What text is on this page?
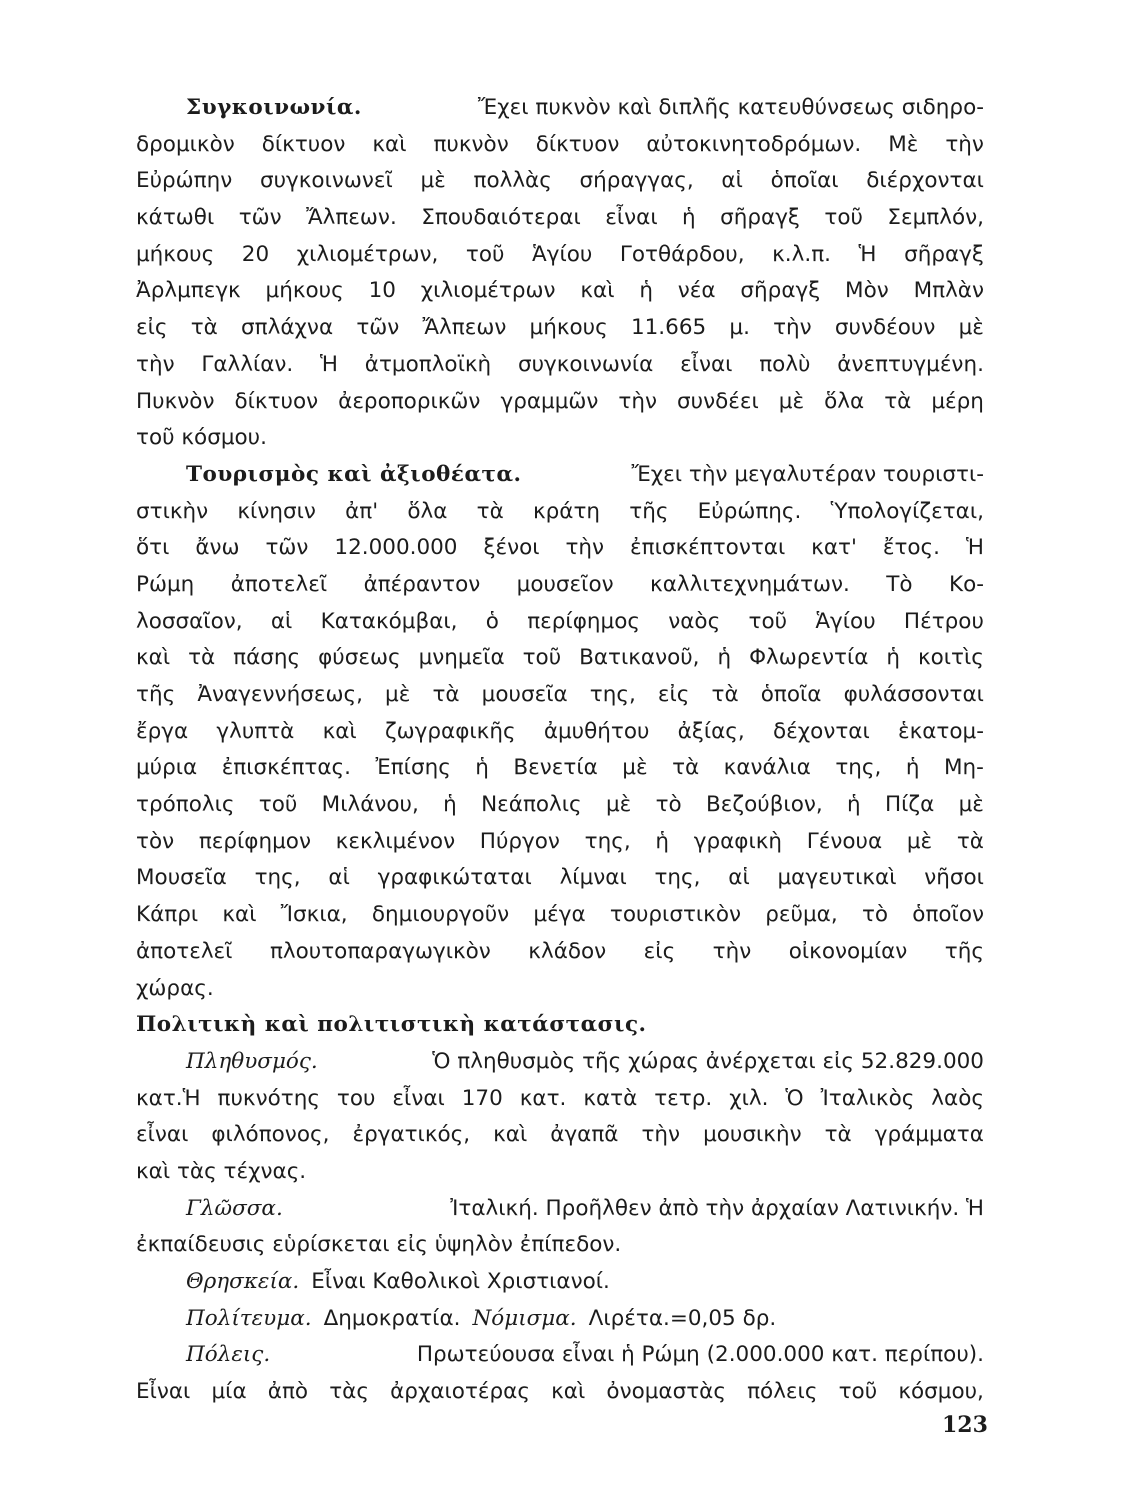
Συγκοινωνία.	Ἔχει πυκνὸν καὶ διπλῆς κατευθύνσεως σιδηρο-
δρομικὸν δίκτυον καὶ πυκνὸν δίκτυον αὐτοκινητοδρόμων. Μὲ τὴν
Εὐρώπην συγκοινωνεῖ μὲ πολλὰς σήραγγας, αἱ ὁποῖαι διέρχονται
κάτωθι τῶν Ἄλπεων. Σπουδαιότεραι εἶναι ἡ σῆραγξ τοῦ Σεμπλόν,
μήκους 20 χιλιομέτρων, τοῦ Ἁγίου Γοτθάρδου, κ.λ.π. Ἡ σῆραγξ
Ἀρλμπεγκ μήκους 10 χιλιομέτρων καὶ ἡ νέα σῆραγξ Μὸν Μπλὰν
εἰς τὰ σπλάχνα τῶν Ἄλπεων μήκους 11.665 μ. τὴν συνδέουν μὲ
τὴν Γαλλίαν. Ἡ ἀτμοπλοϊκὴ συγκοινωνία εἶναι πολὺ ἀνεπτυγμένη.
Πυκνὸν δίκτυον ἀεροπορικῶν γραμμῶν τὴν συνδέει μὲ ὅλα τὰ μέρη
τοῦ κόσμου.
Τουρισμὸς καὶ ἀξιοθέατα.	Ἔχει τὴν μεγαλυτέραν τουριστι-
στικὴν κίνησιν ἀπ' ὅλα τὰ κράτη τῆς Εὐρώπης. Ὑπολογίζεται,
ὅτι ἄνω τῶν 12.000.000 ξένοι τὴν ἐπισκέπτονται κατ' ἔτος. Ἡ
Ρώμη ἀποτελεῖ ἀπέραντον μουσεῖον καλλιτεχνημάτων. Τὸ Κο-
λοσσαῖον, αἱ Κατακόμβαι, ὁ περίφημος ναὸς τοῦ Ἁγίου Πέτρου
καὶ τὰ πάσης φύσεως μνημεῖα τοῦ Βατικανοῦ, ἡ Φλωρεντία ἡ κοιτὶς
τῆς Ἀναγεννήσεως, μὲ τὰ μουσεῖα της, εἰς τὰ ὁποῖα φυλάσσονται
ἔργα γλυπτὰ καὶ ζωγραφικῆς ἀμυθήτου ἀξίας, δέχονται ἑκατομ-
μύρια ἐπισκέπτας. Ἐπίσης ἡ Βενετία μὲ τὰ κανάλια της, ἡ Μη-
τρόπολις τοῦ Μιλάνου, ἡ Νεάπολις μὲ τὸ Βεζούβιον, ἡ Πίζα μὲ
τὸν περίφημον κεκλιμένον Πύργον της, ἡ γραφικὴ Γένουα μὲ τὰ
Μουσεῖα της, αἱ γραφικώταται λίμναι της, αἱ μαγευτικαὶ νῆσοι
Κάπρι καὶ Ἴσκια, δημιουργοῦν μέγα τουριστικὸν ρεῦμα, τὸ ὁποῖον
ἀποτελεῖ πλουτοπαραγωγικὸν κλάδον εἰς τὴν οἰκονομίαν τῆς
χώρας.
Πολιτικὴ καὶ πολιτιστικὴ κατάστασις.
Πληθυσμός.	Ὁ πληθυσμὸς τῆς χώρας ἀνέρχεται εἰς 52.829.000
κατ.Ἡ πυκνότης του εἶναι 170 κατ. κατὰ τετρ. χιλ. Ὁ Ἰταλικὸς λαὸς
εἶναι φιλόπονος, ἐργατικός, καὶ ἀγαπᾶ τὴν μουσικὴν τὰ γράμματα
καὶ τὰς τέχνας.
Γλῶσσα.	Ἰταλική. Προῆλθεν ἀπὸ τὴν ἀρχαίαν Λατινικήν. Ἡ
ἐκπαίδευσις εὑρίσκεται εἰς ὑψηλὸν ἐπίπεδον.
Θρησκεία. Εἶναι Καθολικοὶ Χριστιανοί.
Πολίτευμα. Δημοκρατία. Νόμισμα. Λιρέτα.=0,05 δρ.
Πόλεις.	Πρωτεύουσα εἶναι ἡ Ρώμη (2.000.000 κατ. περίπου).
Εἶναι μία ἀπὸ τὰς ἀρχαιοτέρας καὶ ὀνομαστὰς πόλεις τοῦ κόσμου,
123
